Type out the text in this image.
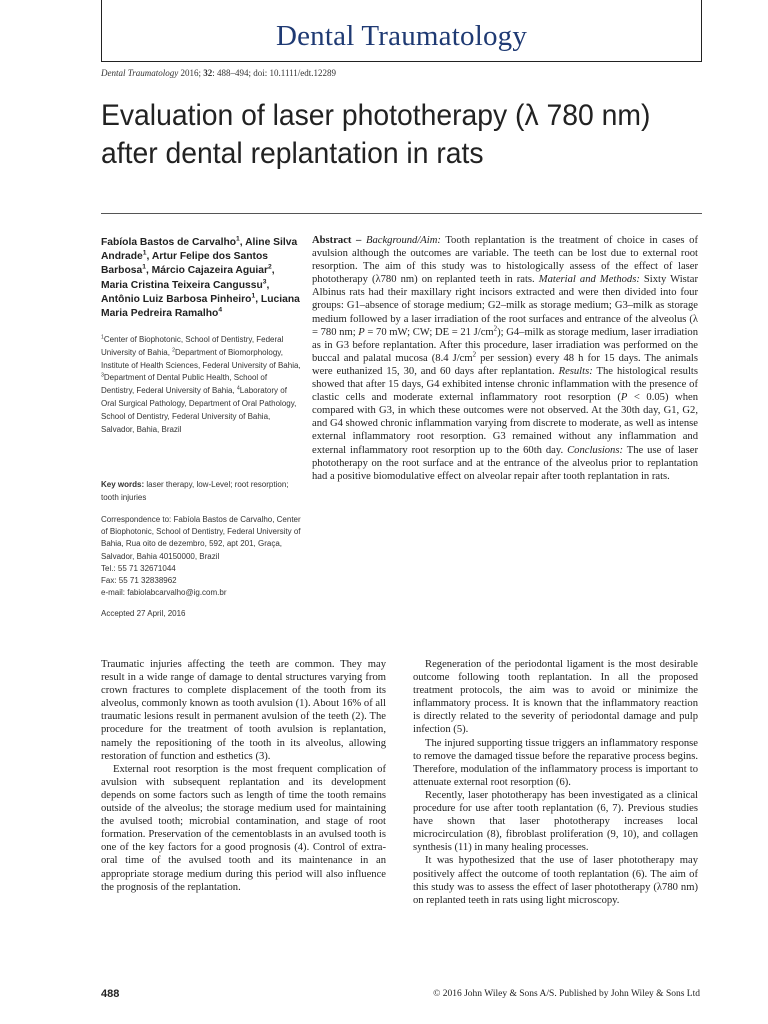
Dental Traumatology
Dental Traumatology 2016; 32: 488–494; doi: 10.1111/edt.12289
Evaluation of laser phototherapy (λ 780 nm)
after dental replantation in rats
Fabíola Bastos de Carvalho$^1$, Aline Silva Andrade$^1$, Artur Felipe dos Santos Barbosa$^1$, Márcio Cajazeira Aguiar$^2$, Maria Cristina Teixeira Cangussu$^3$, Antônio Luiz Barbosa Pinheiro$^1$, Luciana Maria Pedreira Ramalho$^4$
$^1$Center of Biophotonic, School of Dentistry, Federal University of Bahia, $^2$Department of Biomorphology, Institute of Health Sciences, Federal University of Bahia, $^3$Department of Dental Public Health, School of Dentistry, Federal University of Bahia, $^4$Laboratory of Oral Surgical Pathology, Department of Oral Pathology, School of Dentistry, Federal University of Bahia, Salvador, Bahia, Brazil
Key words: laser therapy, low-Level; root resorption; tooth injuries
Correspondence to: Fabíola Bastos de Carvalho, Center of Biophotonic, School of Dentistry, Federal University of Bahia, Rua oito de dezembro, 592, apt 201, Graça, Salvador, Bahia 40150000, Brazil
Tel.: 55 71 32671044
Fax: 55 71 32838962
e-mail: fabiolabcarvalho@ig.com.br
Accepted 27 April, 2016
Abstract – Background/Aim: Tooth replantation is the treatment of choice in cases of avulsion although the outcomes are variable. The teeth can be lost due to external root resorption. The aim of this study was to histologically assess of the effect of laser phototherapy (λ780 nm) on replanted teeth in rats. Material and Methods: Sixty Wistar Albinus rats had their maxillary right incisors extracted and were then divided into four groups: G1–absence of storage medium; G2–milk as storage medium; G3–milk as storage medium followed by a laser irradiation of the root surfaces and entrance of the alveolus (λ = 780 nm; P = 70 mW; CW; DE = 21 $J/cm^2$); G4–milk as storage medium, laser irradiation as in G3 before replantation. After this procedure, laser irradiation was performed on the buccal and palatal mucosa (8.4 $J/cm^2$ per session) every 48 h for 15 days. The animals were euthanized 15, 30, and 60 days after replantation. Results: The histological results showed that after 15 days, G4 exhibited intense chronic inflammation with the presence of clastic cells and moderate external inflammatory root resorption (P < 0.05) when compared with G3, in which these outcomes were not observed. At the 30th day, G1, G2, and G4 showed chronic inflammation varying from discrete to moderate, as well as intense external inflammatory root resorption. G3 remained without any inflammation and external inflammatory root resorption up to the 60th day. Conclusions: The use of laser phototherapy on the root surface and at the entrance of the alveolus prior to replantation had a positive biomodulative effect on alveolar repair after tooth replantation in rats.

Traumatic injuries affecting the teeth are common. They may result in a wide range of damage to dental structures varying from crown fractures to complete displacement of the tooth from its alveolus, commonly known as tooth avulsion (1). About 16% of all traumatic lesions result in permanent avulsion of the teeth (2). The procedure for the treatment of tooth avulsion is replantation, namely the repositioning of the tooth in its alveolus, allowing restoration of function and esthetics (3).

External root resorption is the most frequent complication of avulsion with subsequent replantation and its development depends on some factors such as length of time the tooth remains outside of the alveolus; the storage medium used for maintaining the avulsed tooth; microbial contamination, and stage of root formation. Preservation of the cementoblasts in an avulsed tooth is one of the key factors for a good prognosis (4). Control of extra-oral time of the avulsed tooth and its maintenance in an appropriate storage medium during this period will also influence the prognosis of the replantation.

Regeneration of the periodontal ligament is the most desirable outcome following tooth replantation. In all the proposed treatment protocols, the aim was to avoid or minimize the inflammatory process. It is known that the inflammatory reaction is directly related to the severity of periodontal damage and pulp infection (5).

The injured supporting tissue triggers an inflammatory response to remove the damaged tissue before the reparative process begins. Therefore, modulation of the inflammatory process is important to attenuate external root resorption (6).

Recently, laser phototherapy has been investigated as a clinical procedure for use after tooth replantation (6, 7). Previous studies have shown that laser phototherapy increases local microcirculation (8), fibroblast proliferation (9, 10), and collagen synthesis (11) in many healing processes.

It was hypothesized that the use of laser phototherapy may positively affect the outcome of tooth replantation (6). The aim of this study was to assess the effect of laser phototherapy (λ780 nm) on replanted teeth in rats using light microscopy.

488	© 2016 John Wiley & Sons A/S. Published by John Wiley & Sons Ltd
